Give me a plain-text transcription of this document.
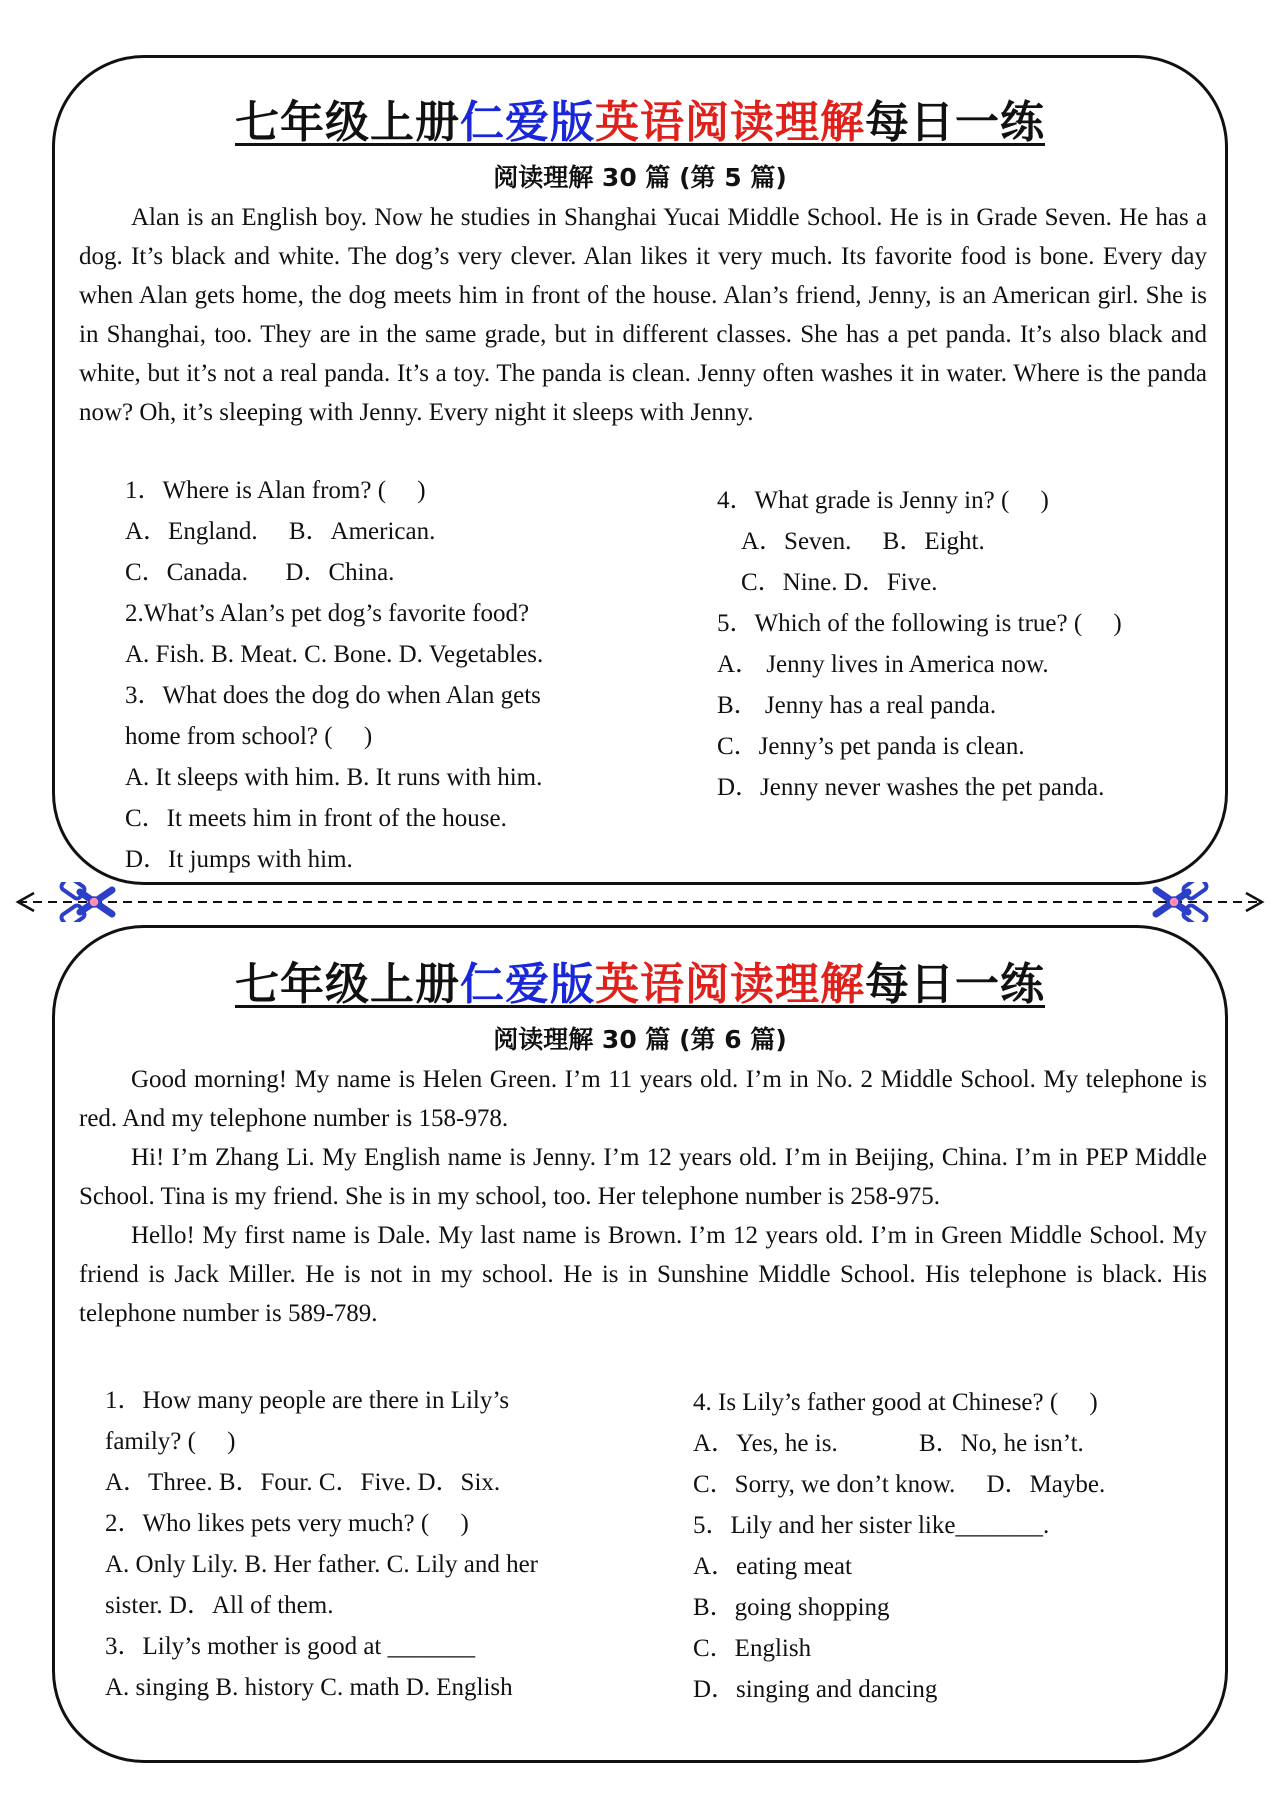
七年级上册仁爱版英语阅读理解每日一练
阅读理解 30 篇 (第 5 篇)

Alan is an English boy. Now he studies in Shanghai Yucai Middle School. He is in Grade Seven. He has a dog. It’s black and white. The dog’s very clever. Alan likes it very much. Its favorite food is bone. Every day when Alan gets home, the dog meets him in front of the house. Alan’s friend, Jenny, is an American girl. She is in Shanghai, too. They are in the same grade, but in different classes. She has a pet panda. It’s also black and white, but it’s not a real panda. It’s a toy. The panda is clean. Jenny often washes it in water. Where is the panda now? Oh, it’s sleeping with Jenny. Every night it sleeps with Jenny.

1．Where is Alan from? (　 )
A．England. 　B．American.
C．Canada. 　 D．China.
2.What’s Alan’s pet dog’s favorite food?
A. Fish. B. Meat. C. Bone. D. Vegetables.
3．What does the dog do when Alan gets
home from school? (　 )
A. It sleeps with him. B. It runs with him.
C．It meets him in front of the house.
D．It jumps with him.
4．What grade is Jenny in? (　 )
A．Seven. 　B．Eight.
C．Nine. D．Five.
5．Which of the following is true? (　 )
A． Jenny lives in America now.
B． Jenny has a real panda.
C．Jenny’s pet panda is clean.
D．Jenny never washes the pet panda.
七年级上册仁爱版英语阅读理解每日一练
阅读理解 30 篇 (第 6 篇)

Good morning! My name is Helen Green. I’m 11 years old. I’m in No. 2 Middle School. My telephone is red. And my telephone number is 158-978.

Hi! I’m Zhang Li. My English name is Jenny. I’m 12 years old. I’m in Beijing, China. I’m in PEP Middle School. Tina is my friend. She is in my school, too. Her telephone number is 258-975.

Hello! My first name is Dale. My last name is Brown. I’m 12 years old. I’m in Green Middle School. My friend is Jack Miller. He is not in my school. He is in Sunshine Middle School. His telephone is black. His telephone number is 589-789.

1．How many people are there in Lily’s
family? (　 )
A．Three. B．Four. C．Five. D．Six.
2．Who likes pets very much? (　 )
A. Only Lily. B. Her father. C. Lily and her
sister. D．All of them.
3．Lily’s mother is good at _______
A. singing B. history C. math D. English
4. Is Lily’s father good at Chinese? (　 )
A．Yes, he is. 　　　B．No, he isn’t.
C．Sorry, we don’t know. 　D．Maybe.
5．Lily and her sister like_______.
A．eating meat
B．going shopping
C．English
D．singing and dancing
